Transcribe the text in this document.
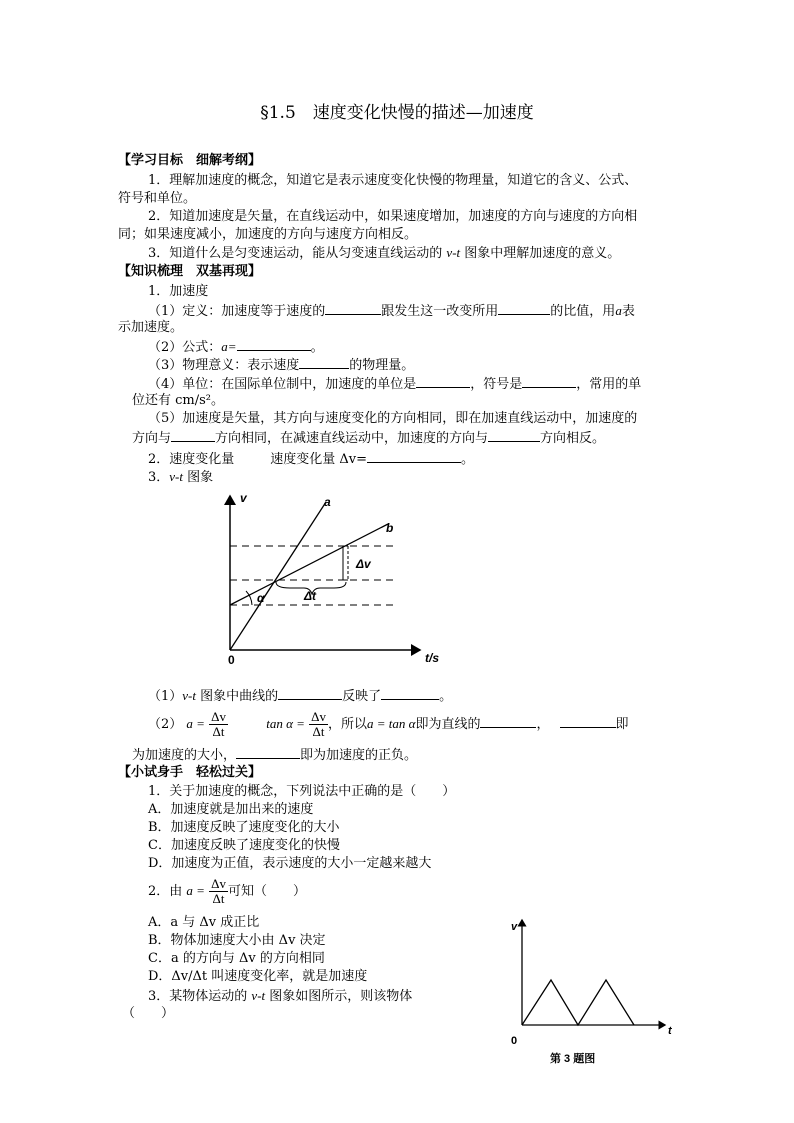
§1.5　速度变化快慢的描述—加速度
【学习目标　细解考纲】
1．理解加速度的概念，知道它是表示速度变化快慢的物理量，知道它的含义、公式、
符号和单位。
2．知道加速度是矢量，在直线运动中，如果速度增加，加速度的方向与速度的方向相
同；如果速度减小，加速度的方向与速度方向相反。
3．知道什么是匀变速运动，能从匀变速直线运动的 v-t 图象中理解加速度的意义。
【知识梳理　双基再现】
1．加速度
（1）定义：加速度等于速度的	跟发生这一改变所用	的比值，用a表
示加速度。
（2）公式：a=	。
（3）物理意义：表示速度	的物理量。
（4）单位：在国际单位制中，加速度的单位是	，符号是	，常用的单
位还有 cm/s²。
（5）加速度是矢量，其方向与速度变化的方向相同，即在加速直线运动中，加速度的
方向与	方向相同，在减速直线运动中，加速度的方向与	方向相反。
2．速度变化量	速度变化量 Δv=	。
3．v-t 图象
v	a
b
Δv
Δt
α
0	t/s
（1）v-t 图象中曲线的	反映了	。
（2） $a = \frac{\Delta v}{\Delta t}$	$\tan \alpha = \frac{\Delta v}{\Delta t}$ ，所以a = tan α即为直线的	，	即
为加速度的大小，	即为加速度的正负。
【小试身手　轻松过关】
1．关于加速度的概念，下列说法中正确的是（　　）
A．加速度就是加出来的速度
B．加速度反映了速度变化的大小
C．加速度反映了速度变化的快慢
D．加速度为正值，表示速度的大小一定越来越大
2．由 $a = \frac{\Delta v}{\Delta t}$ 可知（　　）
A．a 与 Δv 成正比
B．物体加速度大小由 Δv 决定
C．a 的方向与 Δv 的方向相同
D．Δv/Δt 叫速度变化率，就是加速度
3．某物体运动的 v-t 图象如图所示，则该物体
（　　）
v
t
0
第 3 题图
